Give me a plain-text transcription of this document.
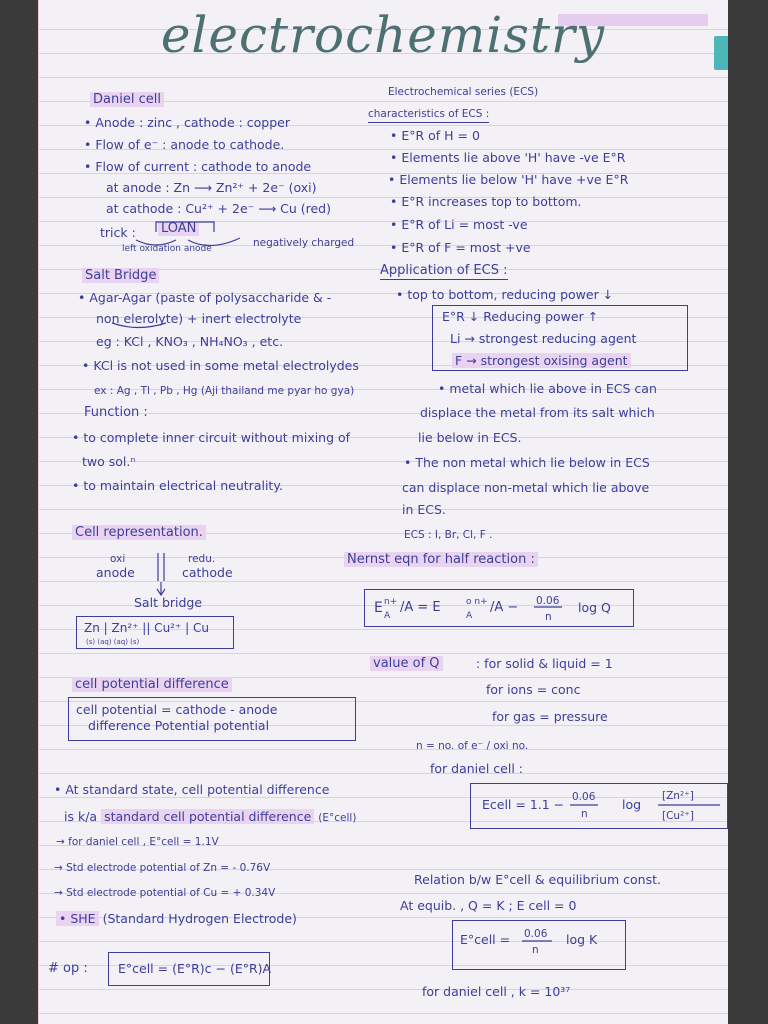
electrochemistry
Daniel cell
• Anode : zinc , cathode : copper
• Flow of e⁻ : anode to cathode.
• Flow of current : cathode to anode
at anode : Zn ⟶ Zn²⁺ + 2e⁻ (oxi)
at cathode : Cu²⁺ + 2e⁻ ⟶ Cu (red)
trick : LOAN
left oxidation anode	negatively charged
Salt Bridge
• Agar-Agar (paste of polysaccharide & -
non elerolyte) + inert electrolyte
eg : KCl , KNO₃ , NH₄NO₃ , etc.
• KCl is not used in some metal electrolydes
ex : Ag , Tl , Pb , Hg (Aji thailand me pyar ho gya)
Function :
• to complete inner circuit without mixing of
two sol.ⁿ
• to maintain electrical neutrality.
Cell representation.
oxi
anode
redu.
cathode
Salt bridge
Zn | Zn²⁺ || Cu²⁺ | Cu
(s) (aq) (aq) (s)
cell potential difference
cell potential = cathode - anode
difference Potential potential
• At standard state, cell potential difference
is k/a standard cell potential difference (E°cell)
→ for daniel cell , E°cell = 1.1V
→ Std electrode potential of Zn = - 0.76V
→ Std electrode potential of Cu = + 0.34V
• SHE (Standard Hydrogen Electrode)
# op : E°cell = (E°R)c − (E°R)A
Electrochemical series (ECS)
characteristics of ECS :
• E°R of H = 0
• Elements lie above 'H' have -ve E°R
• Elements lie below 'H' have +ve E°R
• E°R increases top to bottom.
• E°R of Li = most -ve
• E°R of F = most +ve
Application of ECS :
• top to bottom, reducing power ↓
E°R ↓ Reducing power ↑
Li → strongest reducing agent
F → strongest oxising agent
• metal which lie above in ECS can
displace the metal from its salt which
lie below in ECS.
• The non metal which lie below in ECS
can displace non-metal which lie above
in ECS.
ECS : I, Br, Cl, F .
Nernst eqn for half reaction :
E n+
A
/A = E	o n+
A
/A − 0.06
n
log Q
value of Q	: for solid & liquid = 1
for ions = conc
for gas = pressure
n = no. of e⁻ / oxi no.
for daniel cell :
Ecell = 1.1 − 0.06
n
log
[Zn²⁺]
[Cu²⁺]
Relation b/w E°cell & equilibrium const.
At equib. , Q = K ; E cell = 0
E°cell = 0.06
n
log K
for daniel cell , k = 10³⁷
